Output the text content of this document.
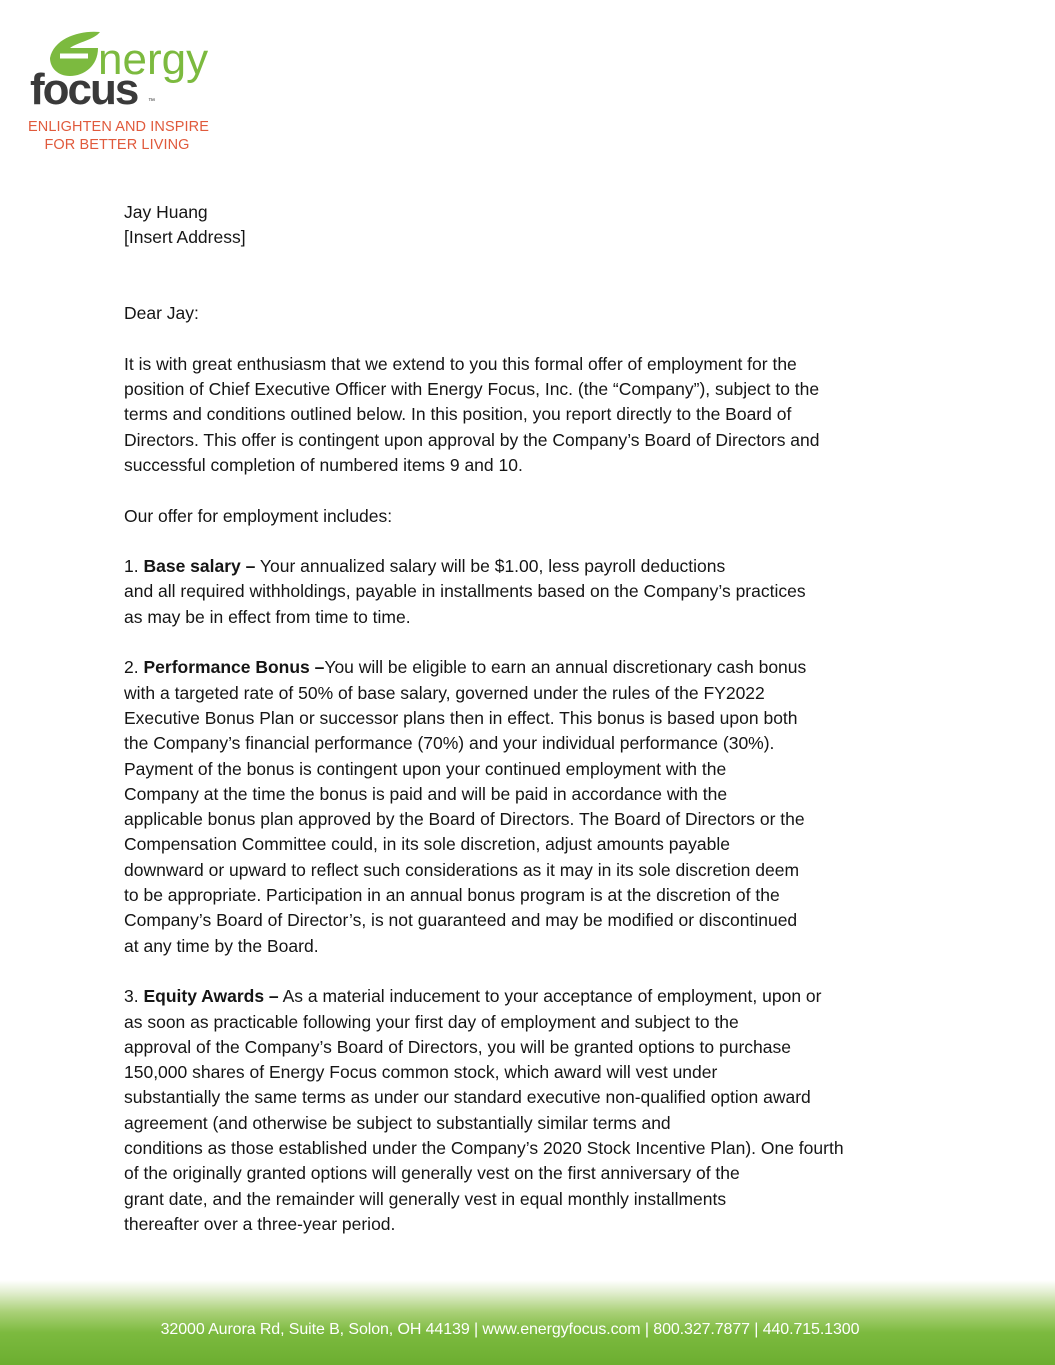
nergy
focus ™
ENLIGHTEN AND INSPIRE
FOR BETTER LIVING
Jay Huang
[Insert Address]
Dear Jay:
It is with great enthusiasm that we extend to you this formal offer of employment for the
position of Chief Executive Officer with Energy Focus, Inc. (the “Company”), subject to the
terms and conditions outlined below. In this position, you report directly to the Board of
Directors. This offer is contingent upon approval by the Company’s Board of Directors and
successful completion of numbered items 9 and 10.
Our offer for employment includes:
1. Base salary – Your annualized salary will be $1.00, less payroll deductions
and all required withholdings, payable in installments based on the Company’s practices
as may be in effect from time to time.
2. Performance Bonus –You will be eligible to earn an annual discretionary cash bonus
with a targeted rate of 50% of base salary, governed under the rules of the FY2022
Executive Bonus Plan or successor plans then in effect. This bonus is based upon both
the Company’s financial performance (70%) and your individual performance (30%).
Payment of the bonus is contingent upon your continued employment with the
Company at the time the bonus is paid and will be paid in accordance with the
applicable bonus plan approved by the Board of Directors. The Board of Directors or the
Compensation Committee could, in its sole discretion, adjust amounts payable
downward or upward to reflect such considerations as it may in its sole discretion deem
to be appropriate. Participation in an annual bonus program is at the discretion of the
Company’s Board of Director’s, is not guaranteed and may be modified or discontinued
at any time by the Board.
3. Equity Awards – As a material inducement to your acceptance of employment, upon or
as soon as practicable following your first day of employment and subject to the
approval of the Company’s Board of Directors, you will be granted options to purchase
150,000 shares of Energy Focus common stock, which award will vest under
substantially the same terms as under our standard executive non-qualified option award
agreement (and otherwise be subject to substantially similar terms and
conditions as those established under the Company’s 2020 Stock Incentive Plan). One fourth
of the originally granted options will generally vest on the first anniversary of the
grant date, and the remainder will generally vest in equal monthly installments
thereafter over a three-year period.
32000 Aurora Rd, Suite B, Solon, OH 44139 | www.energyfocus.com | 800.327.7877 | 440.715.1300
